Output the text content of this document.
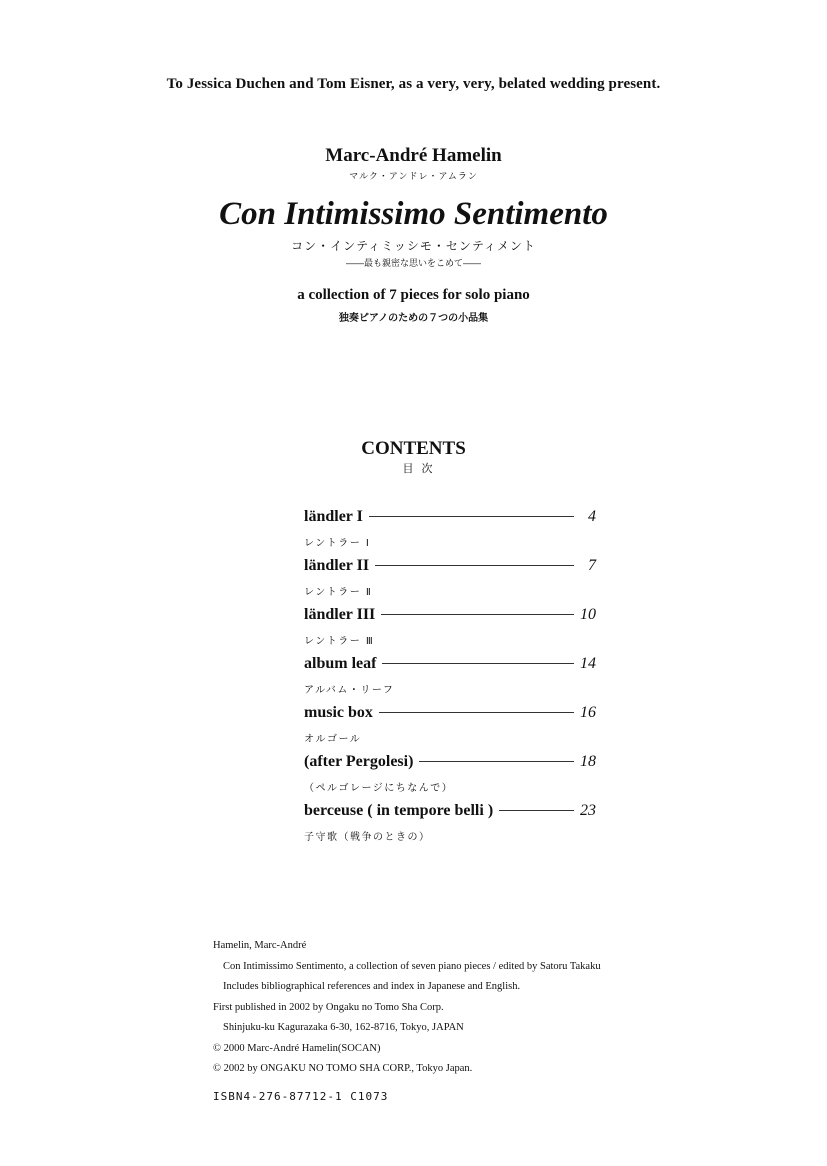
To Jessica Duchen and Tom Eisner, as a very, very, belated wedding present.
Marc-André Hamelin
マルク・アンドレ・アムラン
Con Intimissimo Sentimento
コン・インティミッシモ・センティメント
――最も親密な思いをこめて――
a collection of 7 pieces for solo piano
独奏ピアノのための７つの小品集
CONTENTS
目次
ländler I	4
レントラー Ⅰ
ländler II	7
レントラー Ⅱ
ländler III	10
レントラー Ⅲ
album leaf	14
アルバム・リーフ
music box	16
オルゴール
(after Pergolesi)	18
（ペルゴレージにちなんで）
berceuse ( in tempore belli )	23
子守歌（戦争のときの）
Hamelin, Marc-André
Con Intimissimo Sentimento, a collection of seven piano pieces / edited by Satoru Takaku
Includes bibliographical references and index in Japanese and English.
First published in 2002 by Ongaku no Tomo Sha Corp.
Shinjuku-ku Kagurazaka 6-30, 162-8716, Tokyo, JAPAN
© 2000 Marc-André Hamelin(SOCAN)
© 2002 by ONGAKU NO TOMO SHA CORP., Tokyo Japan.
ISBN4-276-87712-1 C1073
